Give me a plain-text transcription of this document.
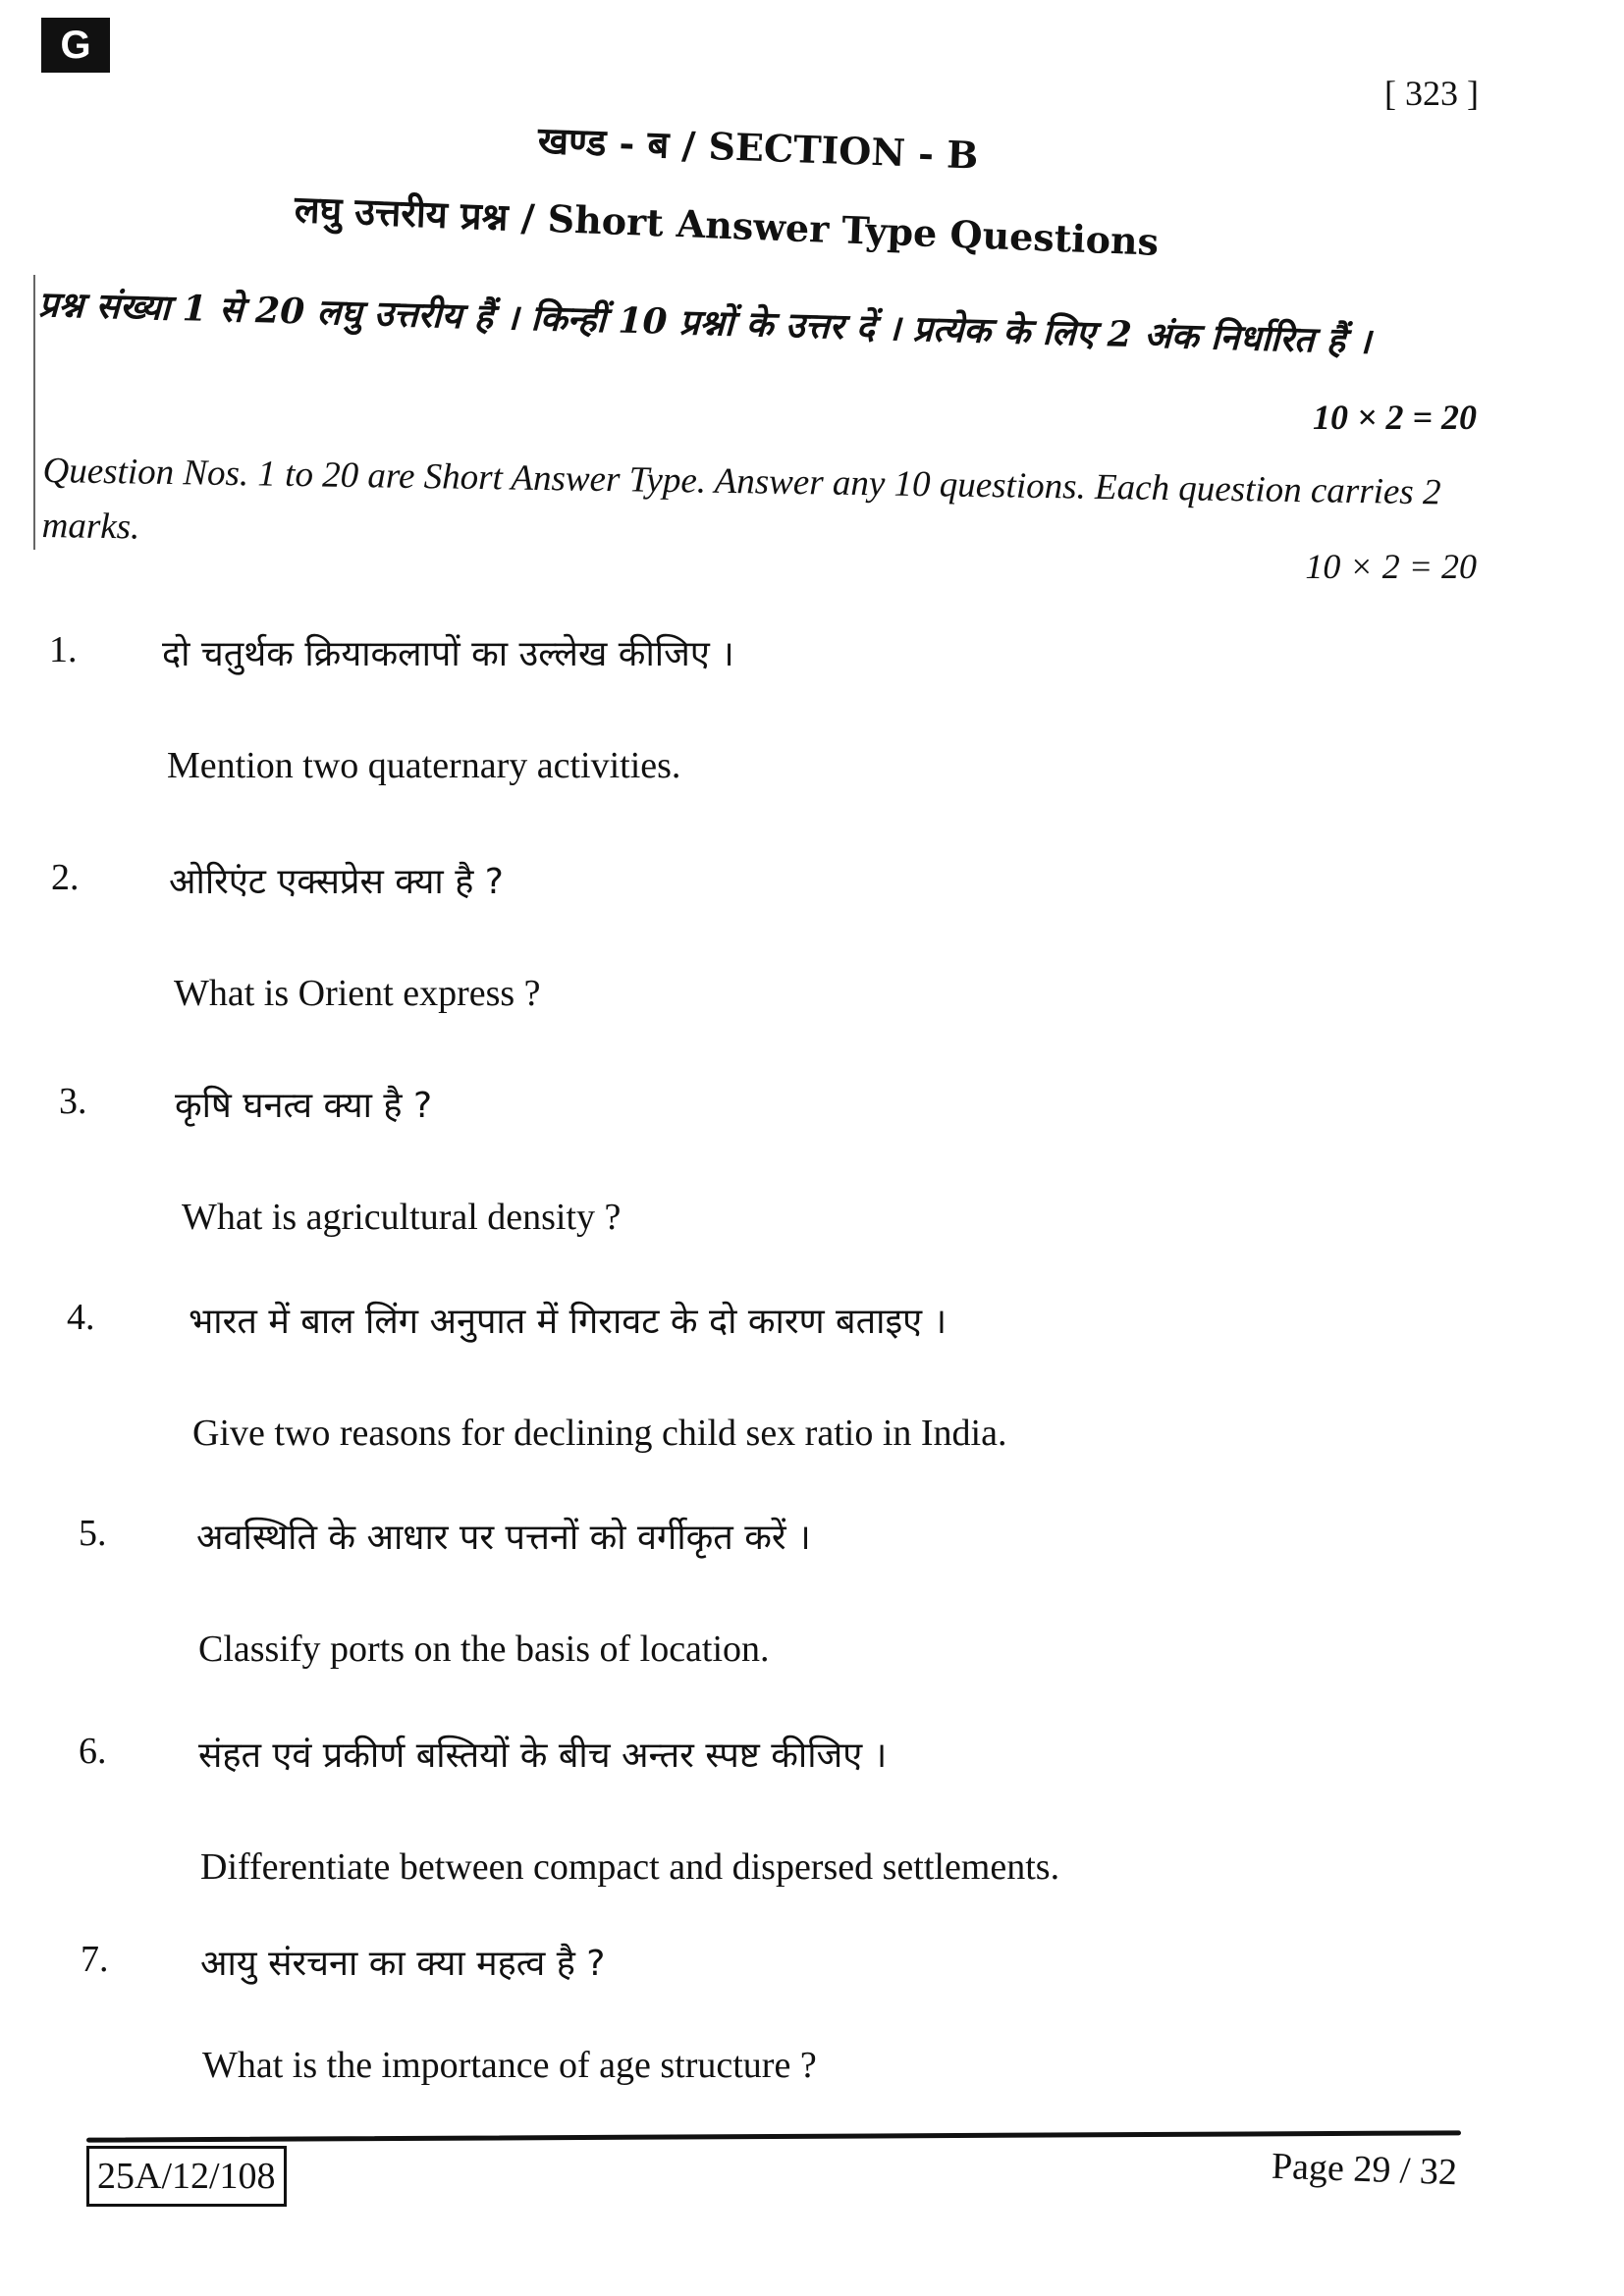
G
[ 323 ]
खण्ड - ब / SECTION - B
लघु उत्तरीय प्रश्न / Short Answer Type Questions
प्रश्न संख्या 1 से 20 लघु उत्तरीय हैं । किन्हीं 10 प्रश्नों के उत्तर दें । प्रत्येक के लिए 2 अंक निर्धारित हैं ।
10 × 2 = 20
Question Nos. 1 to 20 are Short Answer Type. Answer any 10 questions. Each question carries 2 marks.
10 × 2 = 20
1. दो चतुर्थक क्रियाकलापों का उल्लेख कीजिए ।
Mention two quaternary activities.
2.	ओरिएंट एक्सप्रेस क्या है ?
What is Orient express ?
3. कृषि घनत्व क्या है ?
What is agricultural density ?
4.	भारत में बाल लिंग अनुपात में गिरावट के दो कारण बताइए ।
Give two reasons for declining child sex ratio in India.
5.	अवस्थिति के आधार पर पत्तनों को वर्गीकृत करें ।
Classify ports on the basis of location.
6.	संहत एवं प्रकीर्ण बस्तियों के बीच अन्तर स्पष्ट कीजिए ।
Differentiate between compact and dispersed settlements.
7.	आयु संरचना का क्या महत्व है ?
What is the importance of age structure ?
25A/12/108	Page 29 / 32
